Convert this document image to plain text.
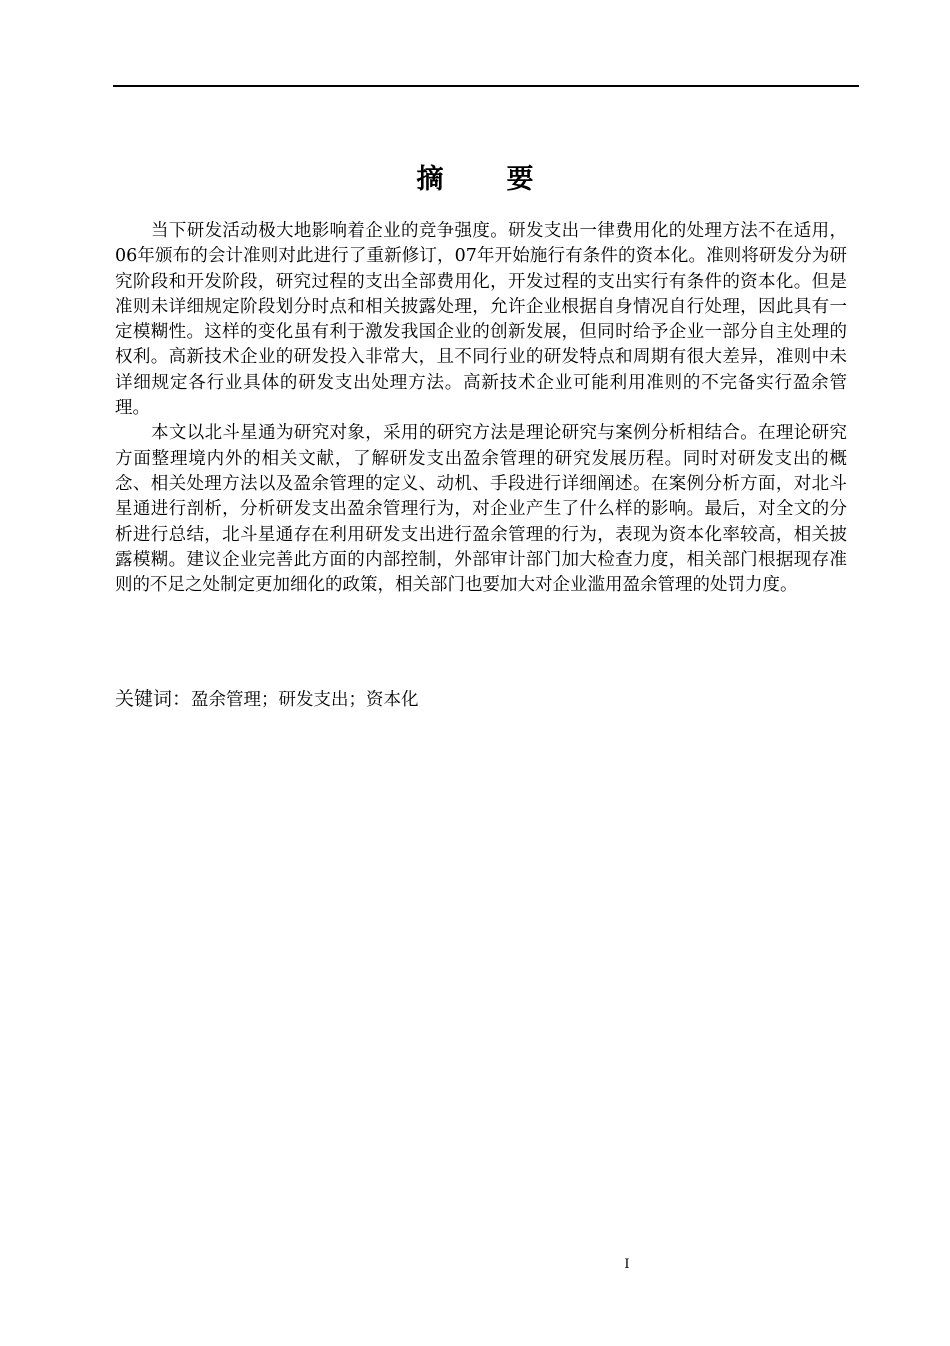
摘　要

当下研发活动极大地影响着企业的竞争强度。研发支出一律费用化的处理方法不在适用，06年颁布的会计准则对此进行了重新修订，07年开始施行有条件的资本化。准则将研发分为研究阶段和开发阶段，研究过程的支出全部费用化，开发过程的支出实行有条件的资本化。但是准则未详细规定阶段划分时点和相关披露处理，允许企业根据自身情况自行处理，因此具有一定模糊性。这样的变化虽有利于激发我国企业的创新发展，但同时给予企业一部分自主处理的权利。高新技术企业的研发投入非常大，且不同行业的研发特点和周期有很大差异，准则中未详细规定各行业具体的研发支出处理方法。高新技术企业可能利用准则的不完备实行盈余管理。

本文以北斗星通为研究对象，采用的研究方法是理论研究与案例分析相结合。在理论研究方面整理境内外的相关文献，了解研发支出盈余管理的研究发展历程。同时对研发支出的概念、相关处理方法以及盈余管理的定义、动机、手段进行详细阐述。在案例分析方面，对北斗星通进行剖析，分析研发支出盈余管理行为，对企业产生了什么样的影响。最后，对全文的分析进行总结，北斗星通存在利用研发支出进行盈余管理的行为，表现为资本化率较高，相关披露模糊。建议企业完善此方面的内部控制，外部审计部门加大检查力度，相关部门根据现存准则的不足之处制定更加细化的政策，相关部门也要加大对企业滥用盈余管理的处罚力度。

关键词：盈余管理；研发支出；资本化
I
